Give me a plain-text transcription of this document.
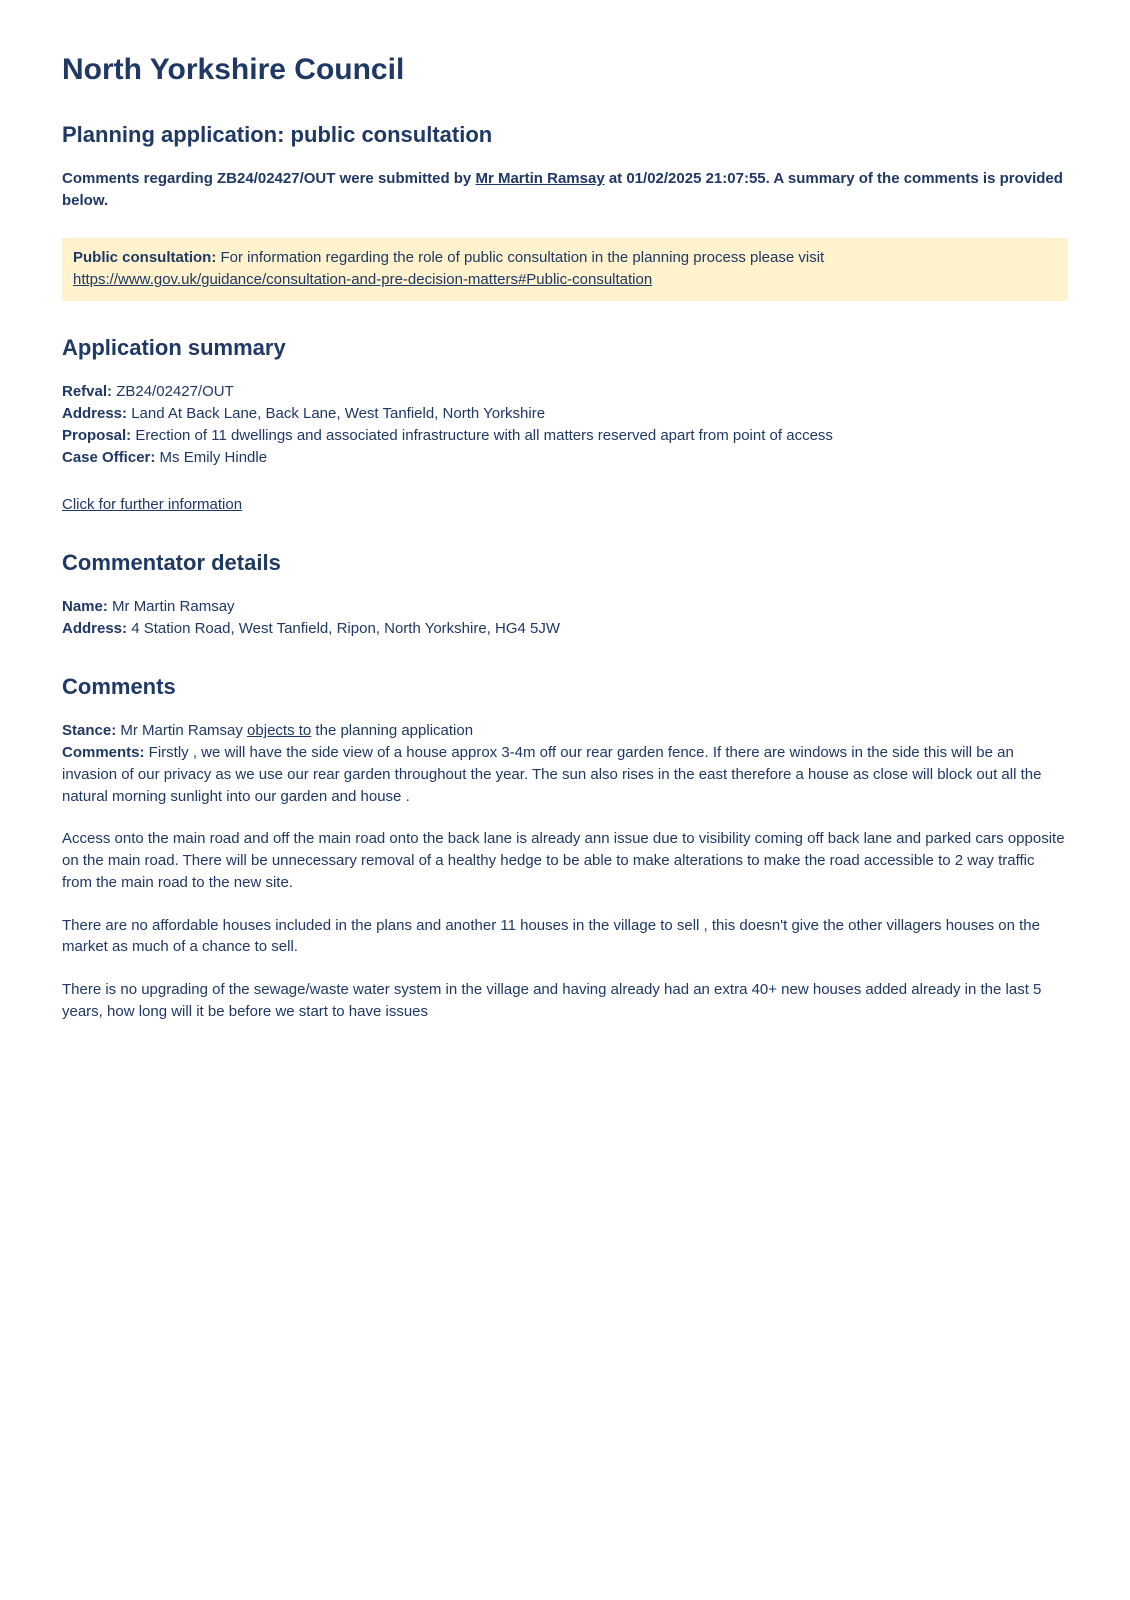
North Yorkshire Council
Planning application: public consultation

Comments regarding ZB24/02427/OUT were submitted by Mr Martin Ramsay at 01/02/2025 21:07:55. A summary of the comments is provided below.

Public consultation: For information regarding the role of public consultation in the planning process please visit https://www.gov.uk/guidance/consultation-and-pre-decision-matters#Public-consultation
Application summary

Refval: ZB24/02427/OUT

Address: Land At Back Lane, Back Lane, West Tanfield, North Yorkshire

Proposal: Erection of 11 dwellings and associated infrastructure with all matters reserved apart from point of access

Case Officer: Ms Emily Hindle

Click for further information

Commentator details

Name: Mr Martin Ramsay

Address: 4 Station Road, West Tanfield, Ripon, North Yorkshire, HG4 5JW

Comments

Stance: Mr Martin Ramsay objects to the planning application

Comments: Firstly , we will have the side view of a house approx 3-4m off our rear garden fence. If there are windows in the side this will be an invasion of our privacy as we use our rear garden throughout the year. The sun also rises in the east therefore a house as close will block out all the natural morning sunlight into our garden and house .

Access onto the main road and off the main road onto the back lane is already ann issue due to visibility coming off back lane and parked cars opposite on the main road. There will be unnecessary removal of a healthy hedge to be able to make alterations to make the road accessible to 2 way traffic from the main road to the new site.

There are no affordable houses included in the plans and another 11 houses in the village to sell , this doesn't give the other villagers houses on the market as much of a chance to sell.

There is no upgrading of the sewage/waste water system in the village and having already had an extra 40+ new houses added already in the last 5 years, how long will it be before we start to have issues
